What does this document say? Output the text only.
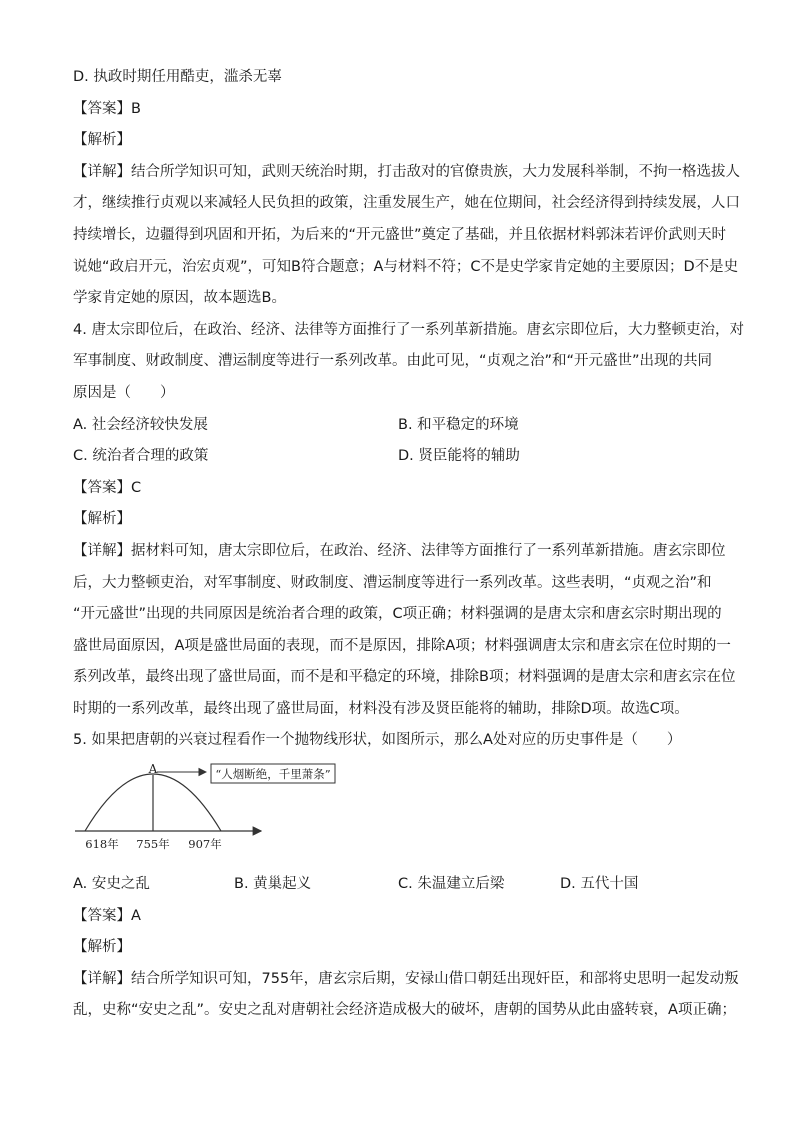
D. 执政时期任用酷吏，滥杀无辜
【答案】B
【解析】
【详解】结合所学知识可知，武则天统治时期，打击敌对的官僚贵族，大力发展科举制，不拘一格选拔人
才，继续推行贞观以来减轻人民负担的政策，注重发展生产，她在位期间，社会经济得到持续发展，人口
持续增长，边疆得到巩固和开拓，为后来的“开元盛世”奠定了基础，并且依据材料郭沫若评价武则天时
说她“政启开元，治宏贞观”，可知B符合题意；A与材料不符；C不是史学家肯定她的主要原因；D不是史
学家肯定她的原因，故本题选B。
4. 唐太宗即位后，在政治、经济、法律等方面推行了一系列革新措施。唐玄宗即位后，大力整顿吏治，对
军事制度、财政制度、漕运制度等进行一系列改革。由此可见，“贞观之治”和“开元盛世”出现的共同
原因是（　　）
A. 社会经济较快发展	B. 和平稳定的环境
C. 统治者合理的政策	D. 贤臣能将的辅助
【答案】C
【解析】
【详解】据材料可知，唐太宗即位后，在政治、经济、法律等方面推行了一系列革新措施。唐玄宗即位
后，大力整顿吏治，对军事制度、财政制度、漕运制度等进行一系列改革。这些表明，“贞观之治”和
“开元盛世”出现的共同原因是统治者合理的政策，C项正确；材料强调的是唐太宗和唐玄宗时期出现的
盛世局面原因，A项是盛世局面的表现，而不是原因，排除A项；材料强调唐太宗和唐玄宗在位时期的一
系列改革，最终出现了盛世局面，而不是和平稳定的环境，排除B项；材料强调的是唐太宗和唐玄宗在位
时期的一系列改革，最终出现了盛世局面，材料没有涉及贤臣能将的辅助，排除D项。故选C项。
5. 如果把唐朝的兴衰过程看作一个抛物线形状，如图所示，那么A处对应的历史事件是（　　）
“人烟断绝，千里萧条”
A
618年 755年 907年
A. 安史之乱	B. 黄巢起义	C. 朱温建立后梁	D. 五代十国
【答案】A
【解析】
【详解】结合所学知识可知，755年，唐玄宗后期，安禄山借口朝廷出现奸臣，和部将史思明一起发动叛
乱，史称“安史之乱”。安史之乱对唐朝社会经济造成极大的破坏，唐朝的国势从此由盛转衰，A项正确；
